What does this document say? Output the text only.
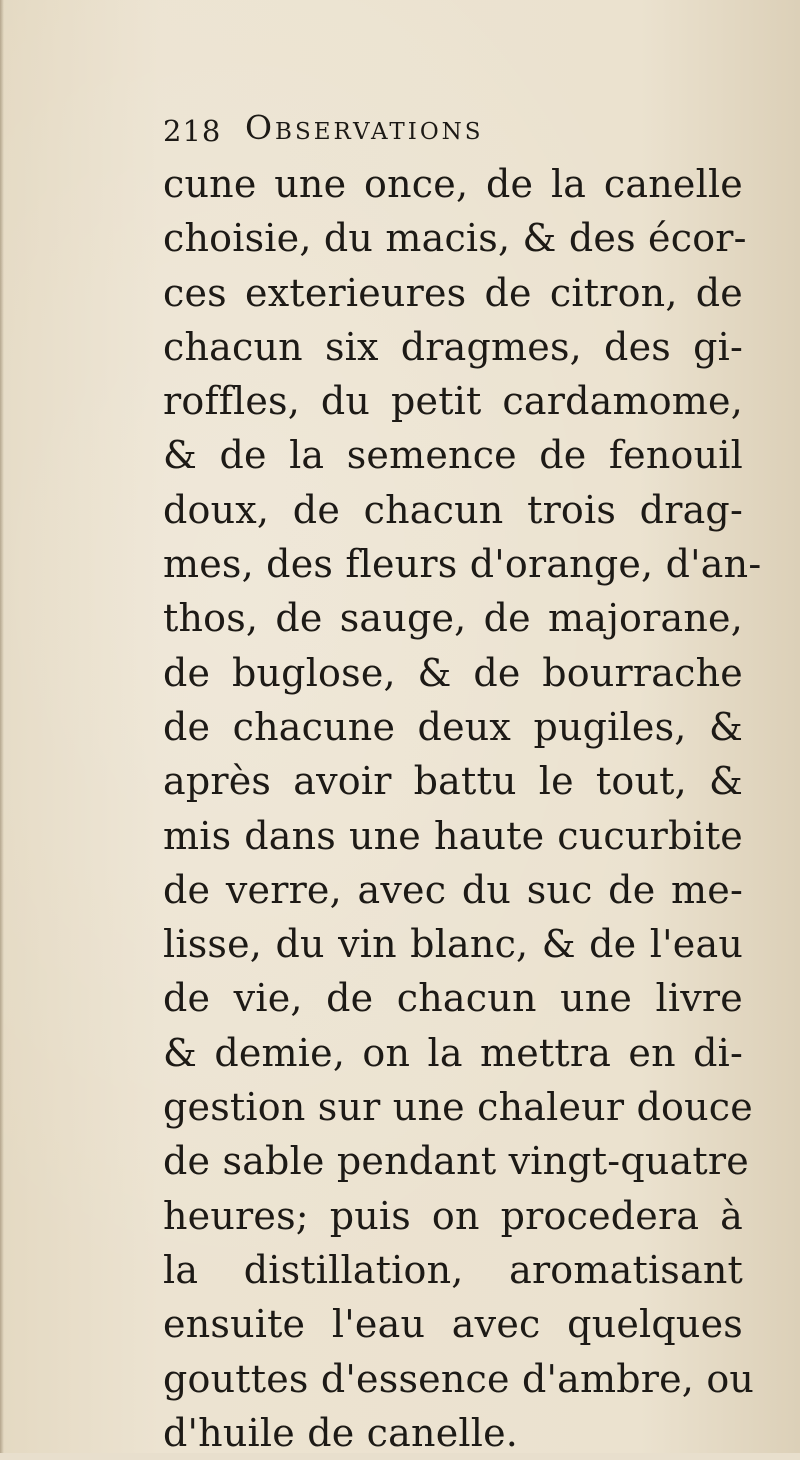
218 Observations
cune une once, de la canelle
choisie, du macis, & des écor-
ces exterieures de citron, de
chacun six dragmes, des gi-
roffles, du petit cardamome,
& de la semence de fenouil
doux, de chacun trois drag-
mes, des fleurs d'orange, d'an-
thos, de sauge, de majorane,
de buglose, & de bourrache
de chacune deux pugiles, &
après avoir battu le tout, &
mis dans une haute cucurbite
de verre, avec du suc de me-
lisse, du vin blanc, & de l'eau
de vie, de chacun une livre
& demie, on la mettra en di-
gestion sur une chaleur douce
de sable pendant vingt-quatre
heures; puis on procedera à
la distillation, aromatisant
ensuite l'eau avec quelques
gouttes d'essence d'ambre, ou
d'huile de canelle.
